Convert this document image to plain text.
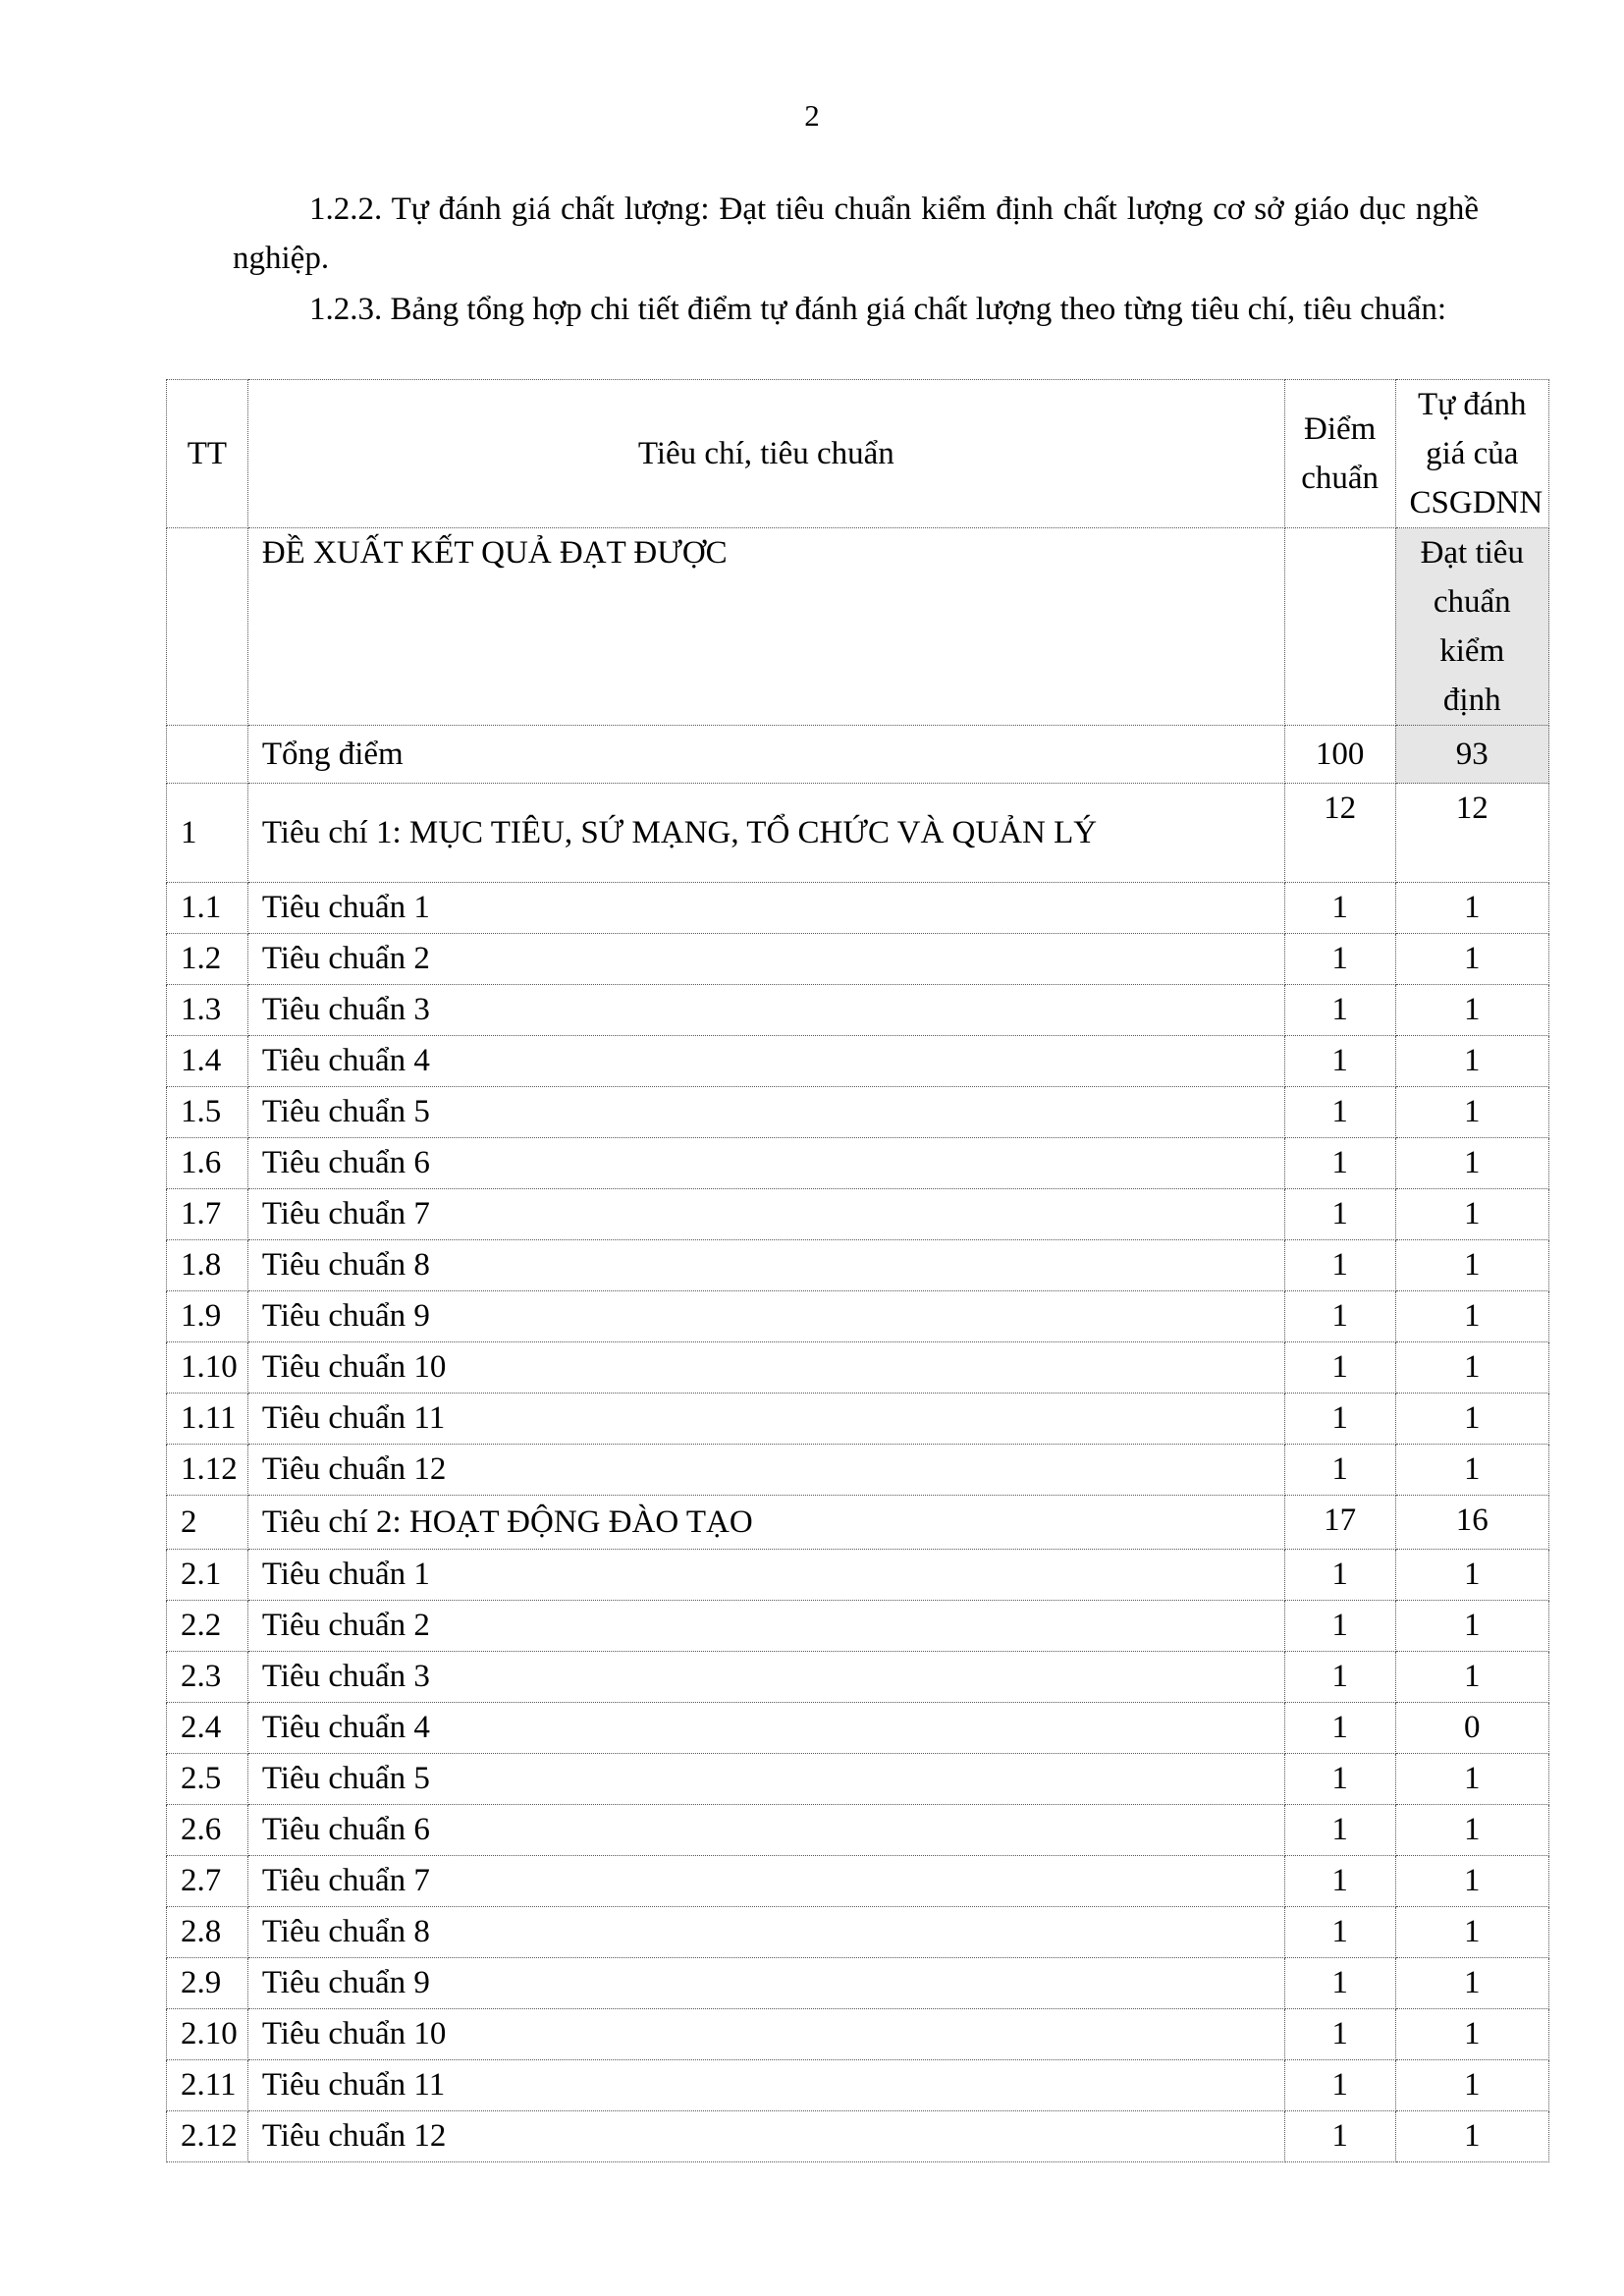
2
1.2.2. Tự đánh giá chất lượng: Đạt tiêu chuẩn kiểm định chất lượng cơ sở giáo dục nghề nghiệp.
1.2.3. Bảng tổng hợp chi tiết điểm tự đánh giá chất lượng theo từng tiêu chí, tiêu chuẩn:
TT	Tiêu chí, tiêu chuẩn	Điểm chuẩn	Tự đánh giá của CSGDNN
	ĐỀ XUẤT KẾT QUẢ ĐẠT ĐƯỢC		Đạt tiêu chuẩn kiểm định
	Tổng điểm	100	93
1	Tiêu chí 1: MỤC TIÊU, SỨ MẠNG, TỔ CHỨC VÀ QUẢN LÝ	12	12
1.1	Tiêu chuẩn 1	1	1
1.2	Tiêu chuẩn 2	1	1
1.3	Tiêu chuẩn 3	1	1
1.4	Tiêu chuẩn 4	1	1
1.5	Tiêu chuẩn 5	1	1
1.6	Tiêu chuẩn 6	1	1
1.7	Tiêu chuẩn 7	1	1
1.8	Tiêu chuẩn 8	1	1
1.9	Tiêu chuẩn 9	1	1
1.10	Tiêu chuẩn 10	1	1
1.11	Tiêu chuẩn 11	1	1
1.12	Tiêu chuẩn 12	1	1
2	Tiêu chí 2: HOẠT ĐỘNG ĐÀO TẠO	17	16
2.1	Tiêu chuẩn 1	1	1
2.2	Tiêu chuẩn 2	1	1
2.3	Tiêu chuẩn 3	1	1
2.4	Tiêu chuẩn 4	1	0
2.5	Tiêu chuẩn 5	1	1
2.6	Tiêu chuẩn 6	1	1
2.7	Tiêu chuẩn 7	1	1
2.8	Tiêu chuẩn 8	1	1
2.9	Tiêu chuẩn 9	1	1
2.10	Tiêu chuẩn 10	1	1
2.11	Tiêu chuẩn 11	1	1
2.12	Tiêu chuẩn 12	1	1
